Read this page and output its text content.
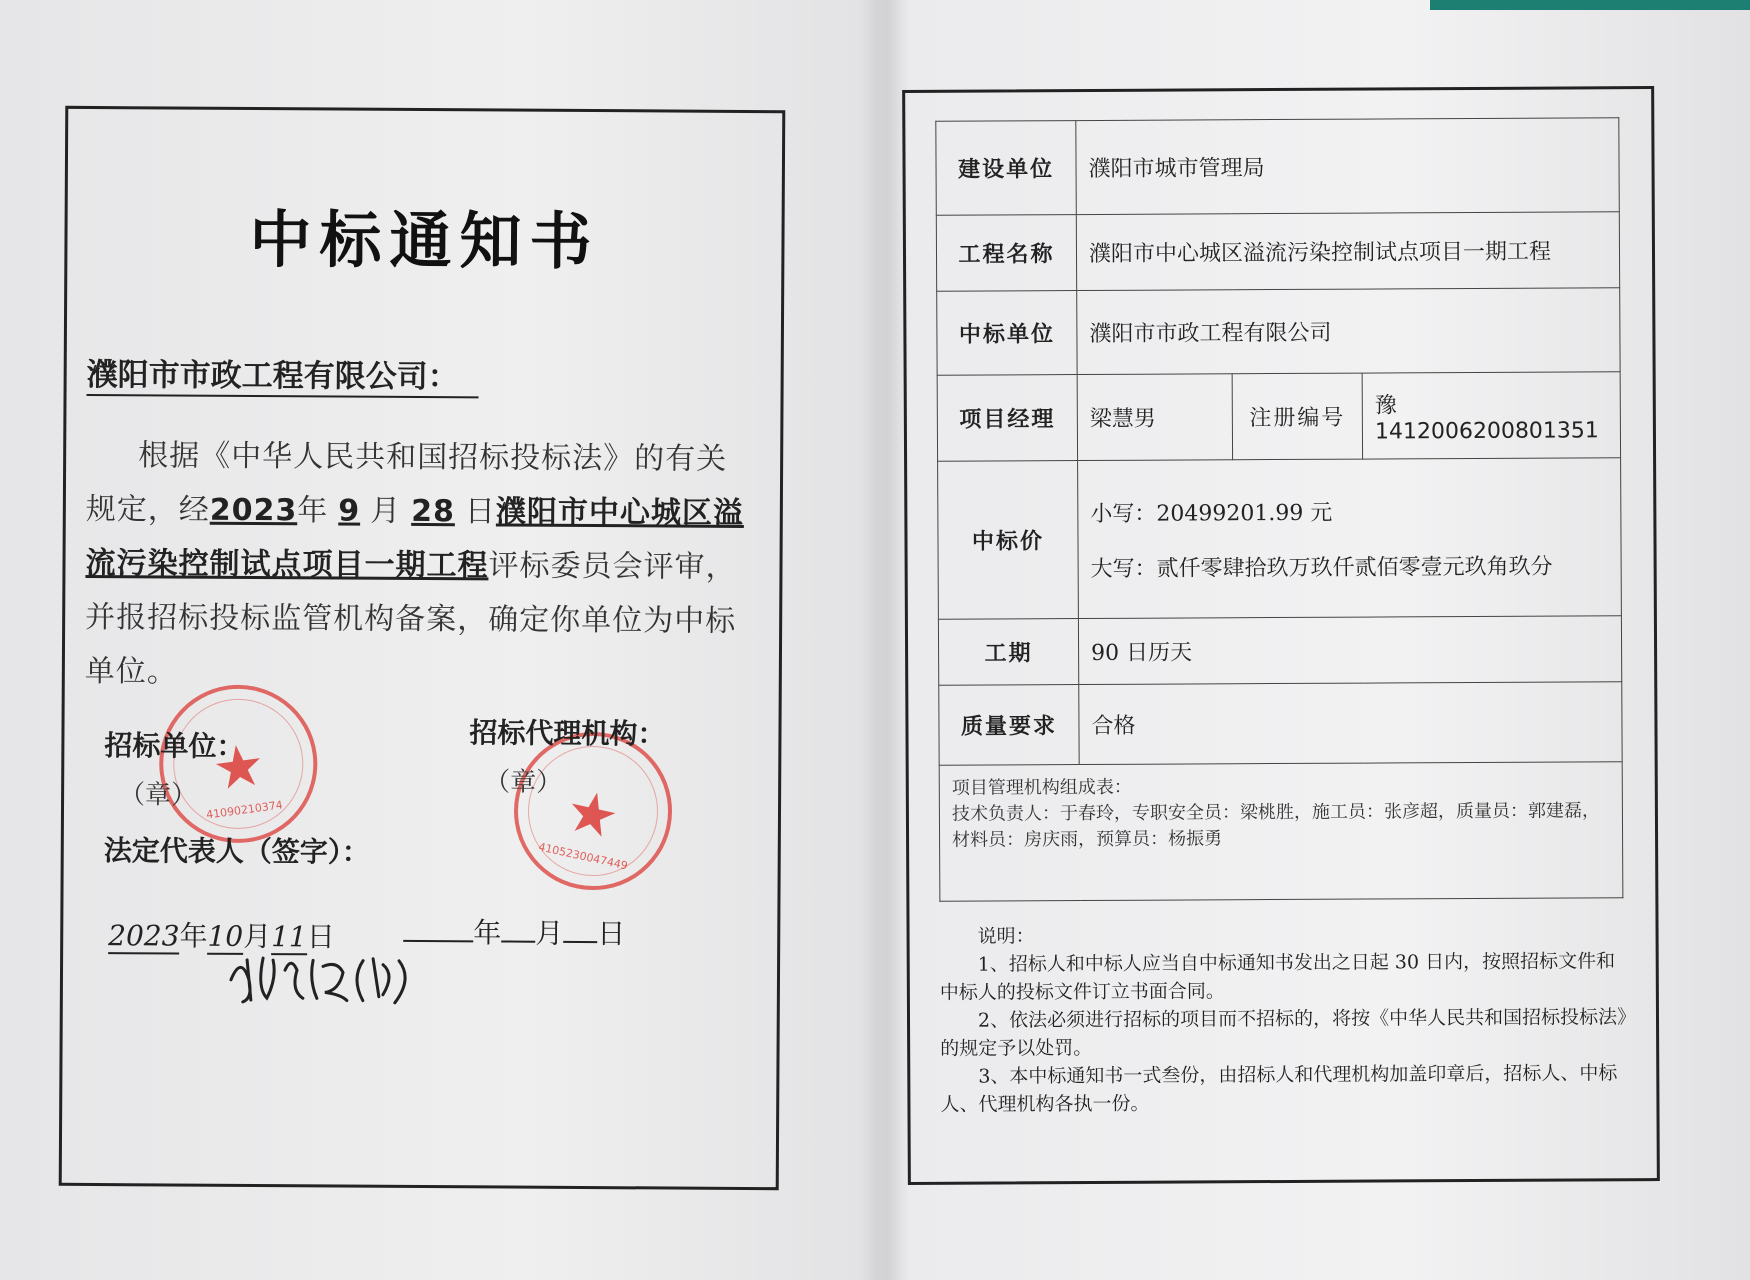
中标通知书
濮阳市市政工程有限公司：
根据《中华人民共和国招标投标法》的有关规定，经2023年 9 月 28 日濮阳市中心城区溢流污染控制试点项目一期工程评标委员会评审，并报招标投标监管机构备案，确定你单位为中标单位。
★
41090210374	★
4105230047449
招标单位：
（章）
招标代理机构：
（章）
法定代表人（签字）：
2023年10月11日	年 月 日
建设单位	濮阳市城市管理局		
工程名称	濮阳市中心城区溢流污染控制试点项目一期工程		
中标单位	濮阳市市政工程有限公司		
项目经理	梁慧男	注册编号	豫 1412006200801351
中标价	小写：20499201.99 元
大写：贰仟零肆拾玖万玖仟贰佰零壹元玖角玖分		

工期	90 日历天		
质量要求	合格		

项目管理机构组成表：
技术负责人：于春玲，专职安全员：梁桃胜，施工员：张彦超，质量员：郭建磊，材料员：房庆雨，预算员：杨振勇			

说明：

1、招标人和中标人应当自中标通知书发出之日起 30 日内，按照招标文件和中标人的投标文件订立书面合同。

2、依法必须进行招标的项目而不招标的，将按《中华人民共和国招标投标法》的规定予以处罚。

3、本中标通知书一式叁份，由招标人和代理机构加盖印章后，招标人、中标人、代理机构各执一份。
